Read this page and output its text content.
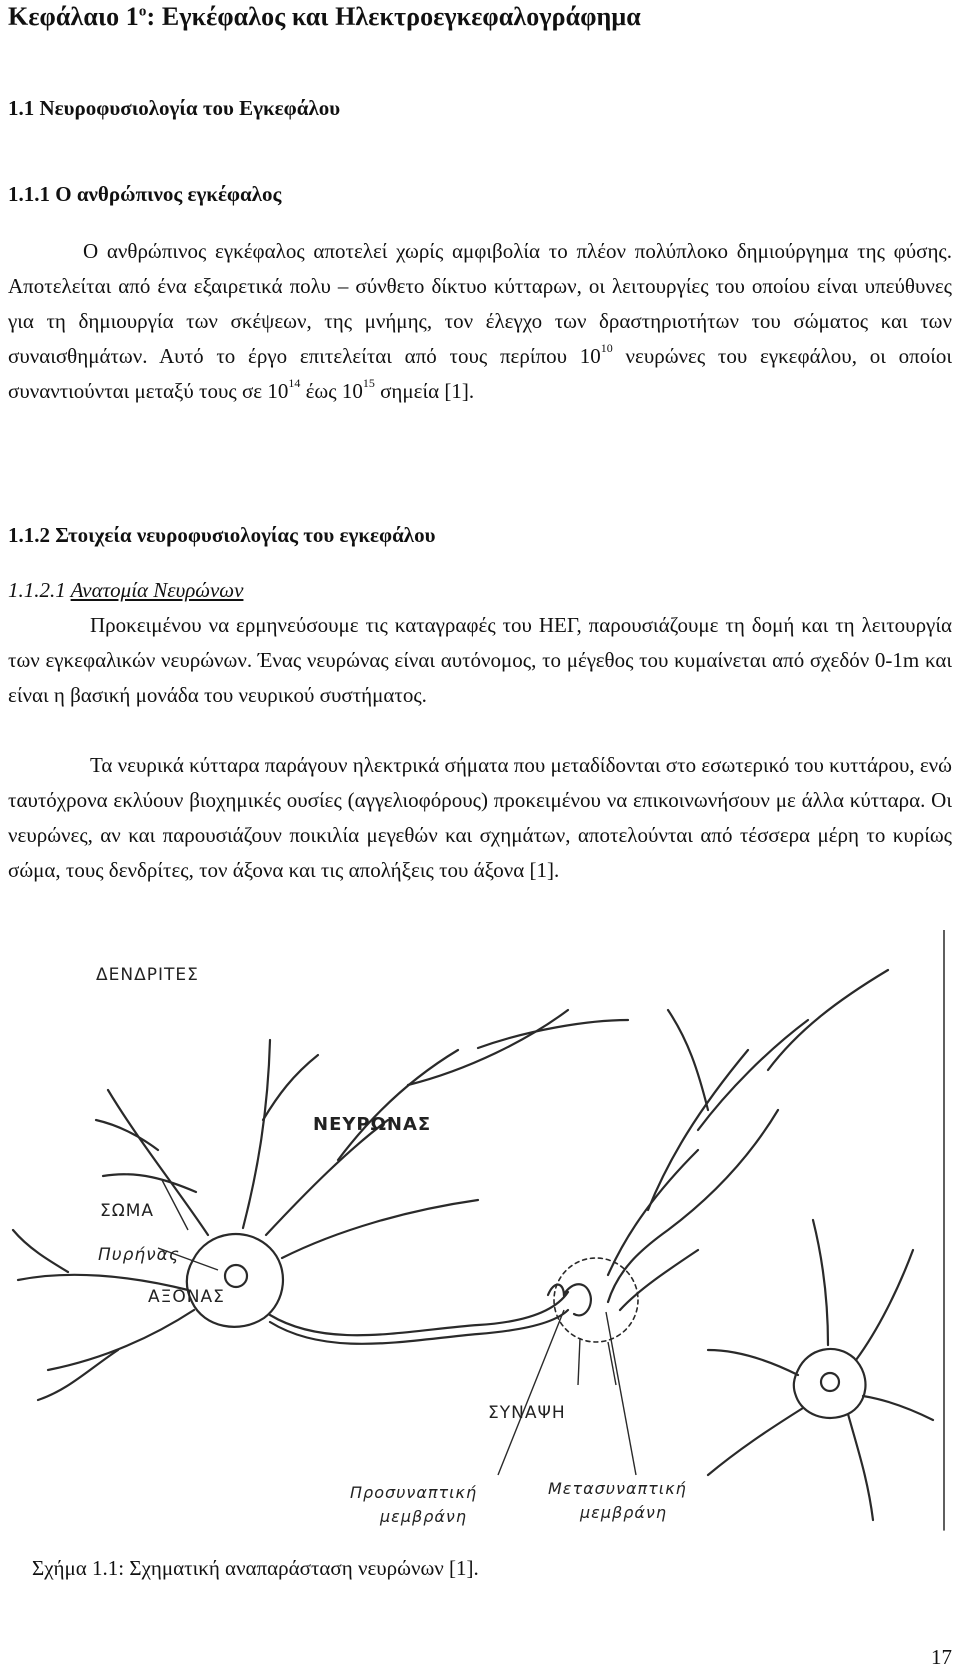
Κεφάλαιο $1^o$: Εγκέφαλος και Ηλεκτροεγκεφαλογράφημα

1.1 Νευροφυσιολογία του Εγκεφάλου

1.1.1 Ο ανθρώπινος εγκέφαλος

Ο ανθρώπινος εγκέφαλος αποτελεί χωρίς αμφιβολία το πλέον πολύπλοκο δημιούργημα της φύσης. Αποτελείται από ένα εξαιρετικά πολυ – σύνθετο δίκτυο κύτταρων, οι λειτουργίες του οποίου είναι υπεύθυνες για τη δημιουργία των σκέψεων, της μνήμης, τον έλεγχο των δραστηριοτήτων του σώματος και των συναισθημάτων. Αυτό το έργο επιτελείται από τους περίπου $10^{10}$ νευρώνες του εγκεφάλου, οι οποίοι συναντιούνται μεταξύ τους σε $10^{14}$ έως $10^{15}$ σημεία [1].

1.1.2 Στοιχεία νευροφυσιολογίας του εγκεφάλου

1.1.2.1 Ανατομία Νευρώνων

Προκειμένου να ερμηνεύσουμε τις καταγραφές του ΗΕΓ, παρουσιάζουμε τη δομή και τη λειτουργία των εγκεφαλικών νευρώνων. Ένας νευρώνας είναι αυτόνομος, το μέγεθος του κυμαίνεται από σχεδόν 0-1m και είναι η βασική μονάδα του νευρικού συστήματος.

Τα νευρικά κύτταρα παράγουν ηλεκτρικά σήματα που μεταδίδονται στο εσωτερικό του κυττάρου, ενώ ταυτόχρονα εκλύουν βιοχημικές ουσίες (αγγελιοφόρους) προκειμένου να επικοινωνήσουν με άλλα κύτταρα. Οι νευρώνες, αν και παρουσιάζουν ποικιλία μεγεθών και σχημάτων, αποτελούνται από τέσσερα μέρη το κυρίως σώμα, τους δενδρίτες, τον άξονα και τις απολήξεις του άξονα [1].

ΔΕΝΔΡΙΤΕΣ
ΝΕΥΡΩΝΑΣ
ΣΩΜΑ
Πυρήνας
ΑΞΟΝΑΣ
ΣΥΝΑΨΗ
Προσυναπτική
μεμβράνη
Μετασυναπτική
μεμβράνη

Σχήμα 1.1: Σχηματική αναπαράσταση νευρώνων [1].

17
